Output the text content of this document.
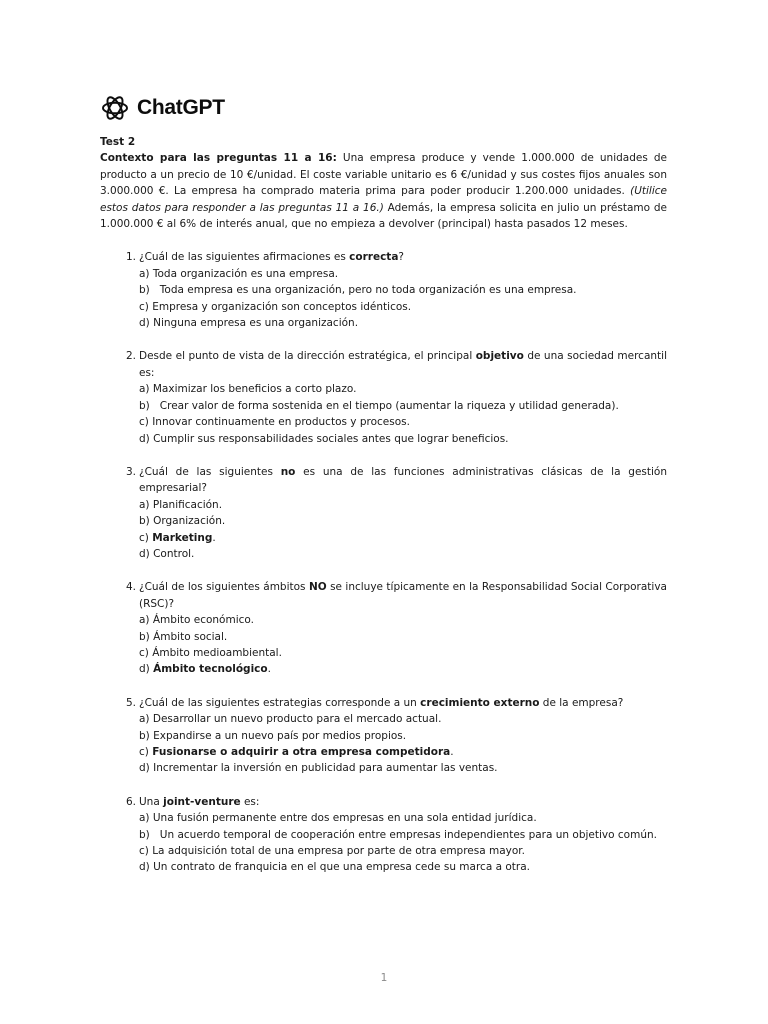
ChatGPT
Test 2

Contexto para las preguntas 11 a 16: Una empresa produce y vende 1.000.000 de unidades de producto a un precio de 10 €/unidad. El coste variable unitario es 6 €/unidad y sus costes fijos anuales son 3.000.000 €. La empresa ha comprado materia prima para poder producir 1.200.000 unidades. (Utilice estos datos para responder a las preguntas 11 a 16.) Además, la empresa solicita en julio un préstamo de 1.000.000 € al 6% de interés anual, que no empieza a devolver (principal) hasta pasados 12 meses.

1. ¿Cuál de las siguientes afirmaciones es correcta?
a) Toda organización es una empresa.
b)   Toda empresa es una organización, pero no toda organización es una empresa.
c) Empresa y organización son conceptos idénticos.
d) Ninguna empresa es una organización.
2. Desde el punto de vista de la dirección estratégica, el principal objetivo de una sociedad mercantil es:
a) Maximizar los beneficios a corto plazo.
b)   Crear valor de forma sostenida en el tiempo (aumentar la riqueza y utilidad generada).
c) Innovar continuamente en productos y procesos.
d) Cumplir sus responsabilidades sociales antes que lograr beneficios.
3. ¿Cuál de las siguientes no es una de las funciones administrativas clásicas de la gestión empresarial?
a) Planificación.
b) Organización.
c) Marketing.
d) Control.
4. ¿Cuál de los siguientes ámbitos NO se incluye típicamente en la Responsabilidad Social Corporativa (RSC)?
a) Ámbito económico.
b) Ámbito social.
c) Ámbito medioambiental.
d) Ámbito tecnológico.
5. ¿Cuál de las siguientes estrategias corresponde a un crecimiento externo de la empresa?
a) Desarrollar un nuevo producto para el mercado actual.
b) Expandirse a un nuevo país por medios propios.
c) Fusionarse o adquirir a otra empresa competidora.
d) Incrementar la inversión en publicidad para aumentar las ventas.
6. Una joint-venture es:
a) Una fusión permanente entre dos empresas en una sola entidad jurídica.
b)   Un acuerdo temporal de cooperación entre empresas independientes para un objetivo común.
c) La adquisición total de una empresa por parte de otra empresa mayor.
d) Un contrato de franquicia en el que una empresa cede su marca a otra.
1
